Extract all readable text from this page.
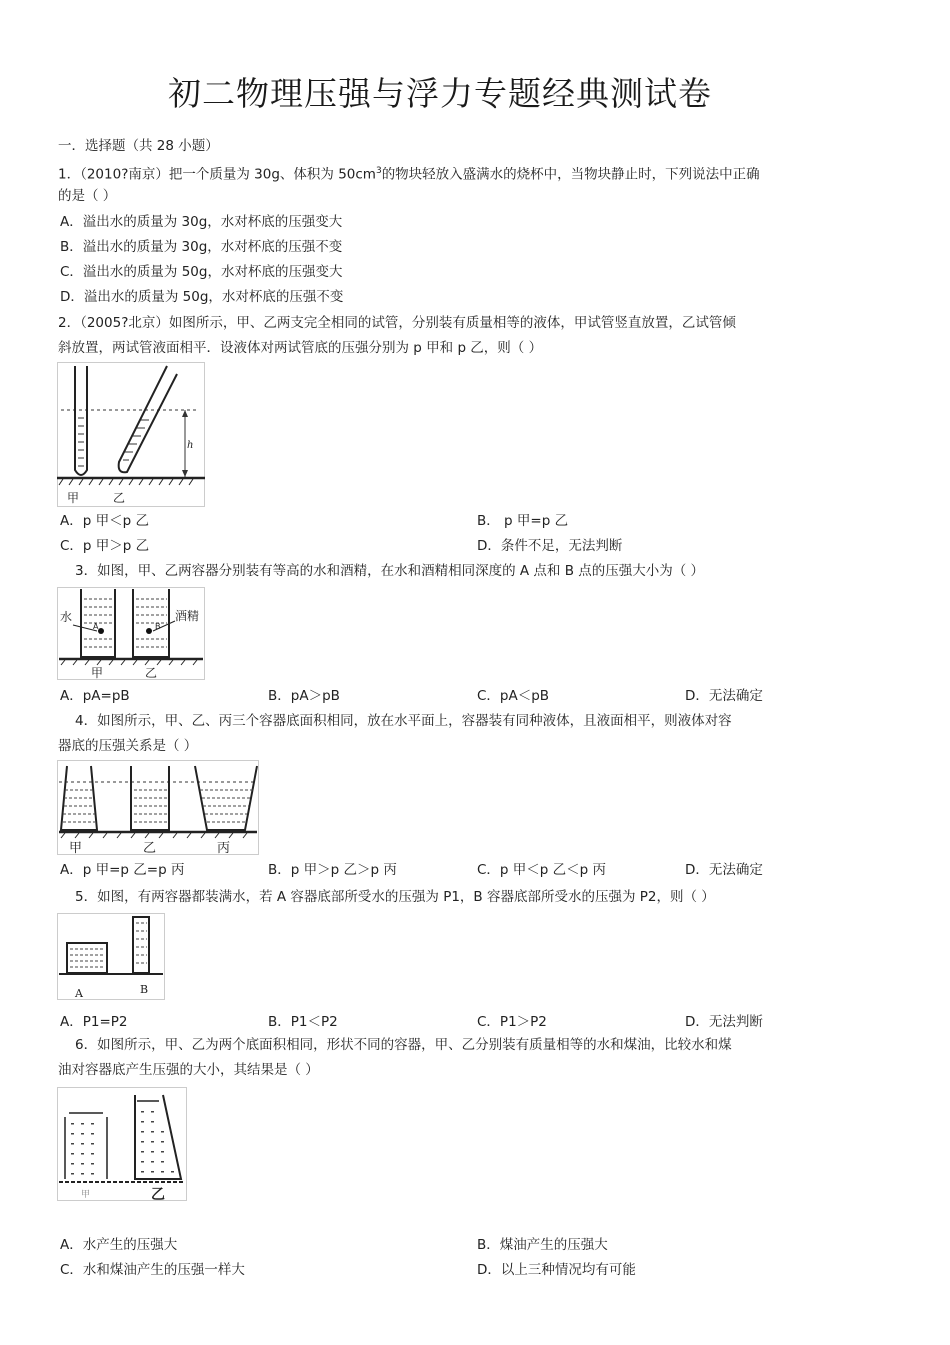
初二物理压强与浮力专题经典测试卷
一．选择题（共 28 小题）
1．（2010?南京）把一个质量为 30g、体积为 $50cm^3$的物块轻放入盛满水的烧杯中，当物块静止时，下列说法中正确
的是（ ）
A．溢出水的质量为 30g，水对杯底的压强变大
B．溢出水的质量为 30g，水对杯底的压强不变
C．溢出水的质量为 50g，水对杯底的压强变大
D．溢出水的质量为 50g，水对杯底的压强不变
2．（2005?北京）如图所示，甲、乙两支完全相同的试管，分别装有质量相等的液体，甲试管竖直放置，乙试管倾
斜放置，两试管液面相平．设液体对两试管底的压强分别为 p 甲和 p 乙，则（ ）
甲	乙
h
A．p 甲＜p 乙	B． p 甲=p 乙
C．p 甲＞p 乙	D．条件不足，无法判断
3．如图，甲、乙两容器分别装有等高的水和酒精，在水和酒精相同深度的 A 点和 B 点的压强大小为（ ）
水	酒精
A	B
甲	乙
A．pA=pB	B．pA＞pB	C．pA＜pB	D．无法确定
4．如图所示，甲、乙、丙三个容器底面积相同，放在水平面上，容器装有同种液体，且液面相平，则液体对容
器底的压强关系是（ ）
甲	乙	丙
A．p 甲=p 乙=p 丙	B．p 甲＞p 乙＞p 丙	C．p 甲＜p 乙＜p 丙	D．无法确定
5．如图，有两容器都装满水，若 A 容器底部所受水的压强为 P1，B 容器底部所受水的压强为 P2，则（ ）
A	B
A．P1=P2	B．P1＜P2	C．P1＞P2	D．无法判断
6．如图所示，甲、乙为两个底面积相同，形状不同的容器，甲、乙分别装有质量相等的水和煤油，比较水和煤
油对容器底产生压强的大小，其结果是（ ）
甲	乙
A．水产生的压强大	B．煤油产生的压强大
C．水和煤油产生的压强一样大	D．以上三种情况均有可能
